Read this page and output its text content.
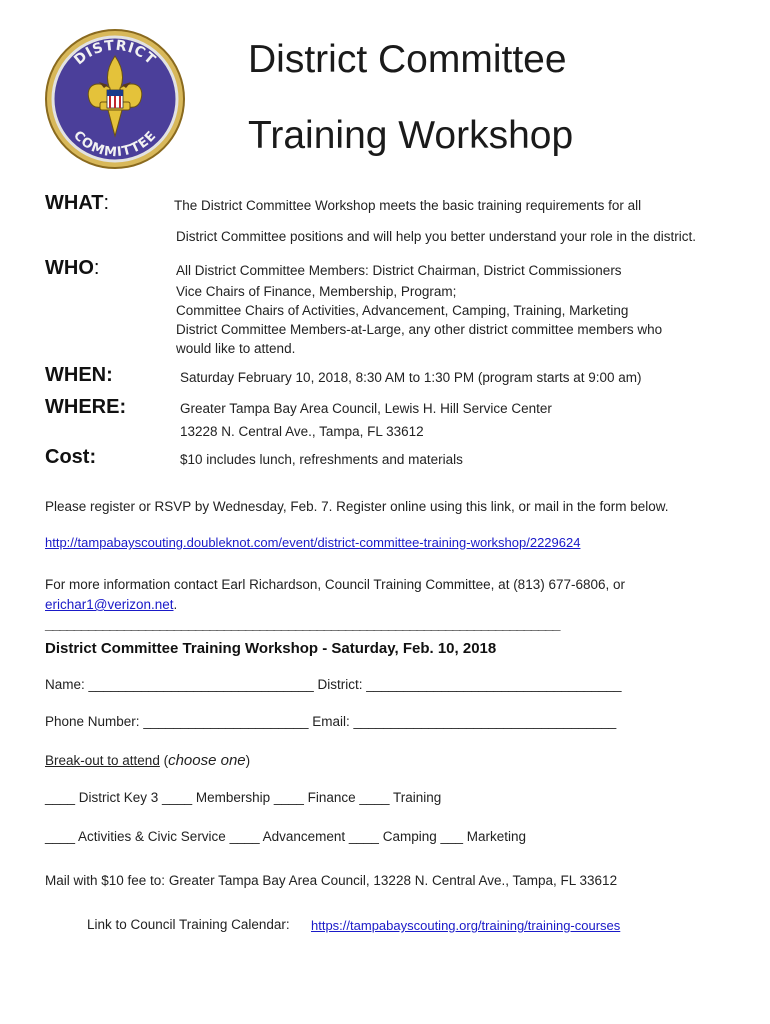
DISTRICT
COMMITTEE
District Committee
Training Workshop
WHAT:	The District Committee Workshop meets the basic training requirements for all
District Committee positions and will help you better understand your role in the district.
WHO:	All District Committee Members: District Chairman, District Commissioners
Vice Chairs of Finance, Membership, Program;
Committee Chairs of Activities, Advancement, Camping, Training, Marketing
District Committee Members-at-Large, any other district committee members who
would like to attend.
WHEN:	Saturday February 10, 2018, 8:30 AM to 1:30 PM (program starts at 9:00 am)
WHERE:	Greater Tampa Bay Area Council, Lewis H. Hill Service Center
13228 N. Central Ave., Tampa, FL 33612
Cost:	$10 includes lunch, refreshments and materials
Please register or RSVP by Wednesday, Feb. 7. Register online using this link, or mail in the form below.
http://tampabayscouting.doubleknot.com/event/district-committee-training-workshop/2229624
For more information contact Earl Richardson, Council Training Committee, at (813) 677-6806, or
erichar1@verizon.net.
________________________________________________________________________
District Committee Training Workshop - Saturday, Feb. 10, 2018
Name: ______________________________ District: __________________________________
Phone Number: ______________________ Email: ___________________________________
Break-out to attend (choose one)
____ District Key 3 ____ Membership ____ Finance ____ Training
____ Activities & Civic Service ____ Advancement ____ Camping ___ Marketing
Mail with $10 fee to: Greater Tampa Bay Area Council, 13228 N. Central Ave., Tampa, FL 33612
Link to Council Training Calendar: https://tampabayscouting.org/training/training-courses
